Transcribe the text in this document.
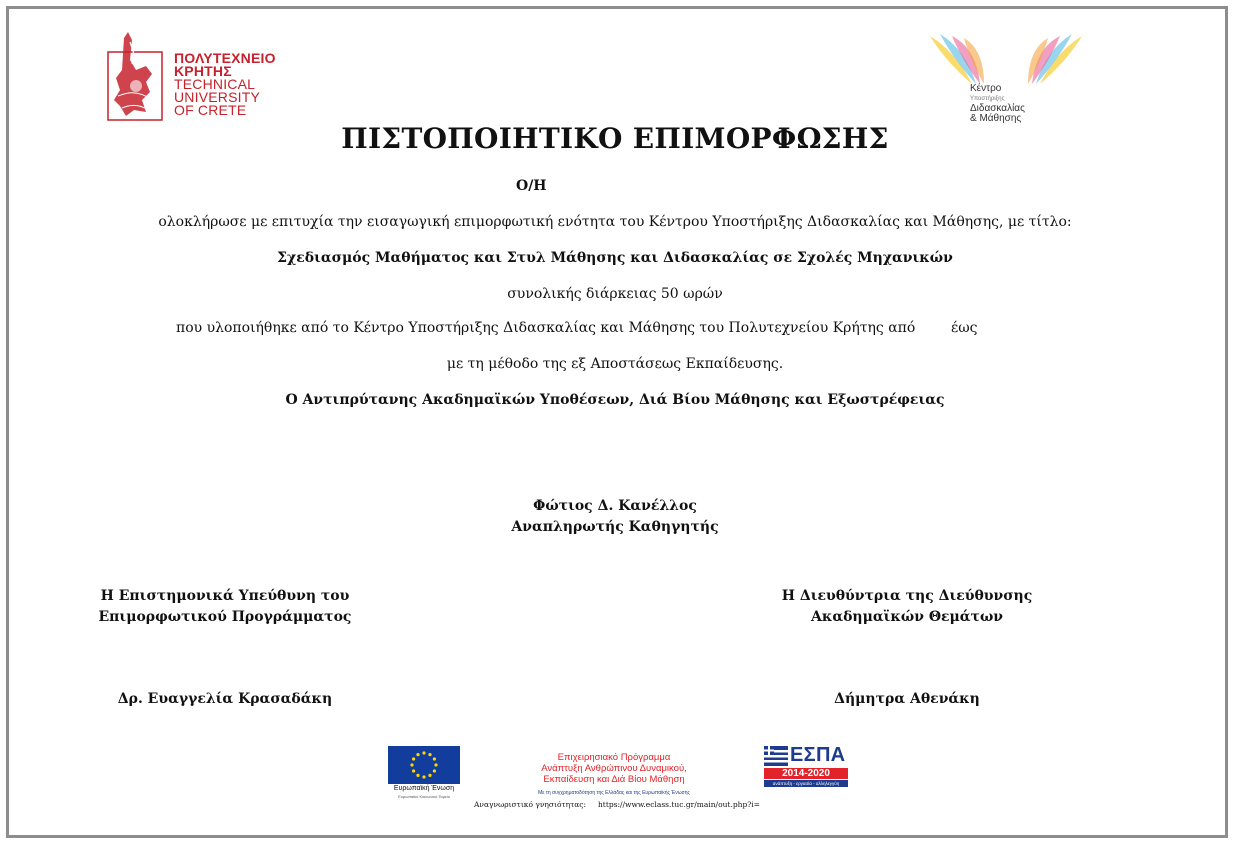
ΠΟΛΥΤΕΧΝΕΙΟ
ΚΡΗΤΗΣ
TECHNICAL
UNIVERSITY
OF CRETE
Κέντρο
Υποστήριξης
Διδασκαλίας
& Μάθησης
ΠΙΣΤΟΠΟΙΗΤΙΚΟ ΕΠΙΜΟΡΦΩΣΗΣ
Ο/Η
ολοκλήρωσε με επιτυχία την εισαγωγική επιμορφωτική ενότητα του Κέντρου Υποστήριξης Διδασκαλίας και Μάθησης, με τίτλο:
Σχεδιασμός Μαθήματος και Στυλ Μάθησης και Διδασκαλίας σε Σχολές Μηχανικών
συνολικής διάρκειας 50 ωρών
που υλοποιήθηκε από το Κέντρο Υποστήριξης Διδασκαλίας και Μάθησης του Πολυτεχνείου Κρήτης από	έως
με τη μέθοδο της εξ Αποστάσεως Εκπαίδευσης.
Ο Αντιπρύτανης Ακαδημαϊκών Υποθέσεων, Διά Βίου Μάθησης και Εξωστρέφειας
Φώτιος Δ. Κανέλλος
Αναπληρωτής Καθηγητής
Η Επιστημονικά Υπεύθυνη του
Επιμορφωτικού Προγράμματος
Η Διευθύντρια της Διεύθυνσης
Ακαδημαϊκών Θεμάτων
Δρ. Ευαγγελία Κρασαδάκη	Δήμητρα Αθενάκη
Ευρωπαϊκή Ένωση
Ευρωπαϊκό Κοινωνικό Ταμείο
Επιχειρησιακό Πρόγραμμα
Ανάπτυξη Ανθρώπινου Δυναμικού,
Εκπαίδευση και Διά Βίου Μάθηση
Με τη συγχρηματοδότηση της Ελλάδας και της Ευρωπαϊκής Ένωσης
ΕΣΠΑ
2014-2020
ανάπτυξη - εργασία - αλληλεγγύη
Αναγνωριστικό γνησιότητας: https://www.eclass.tuc.gr/main/out.php?i=
